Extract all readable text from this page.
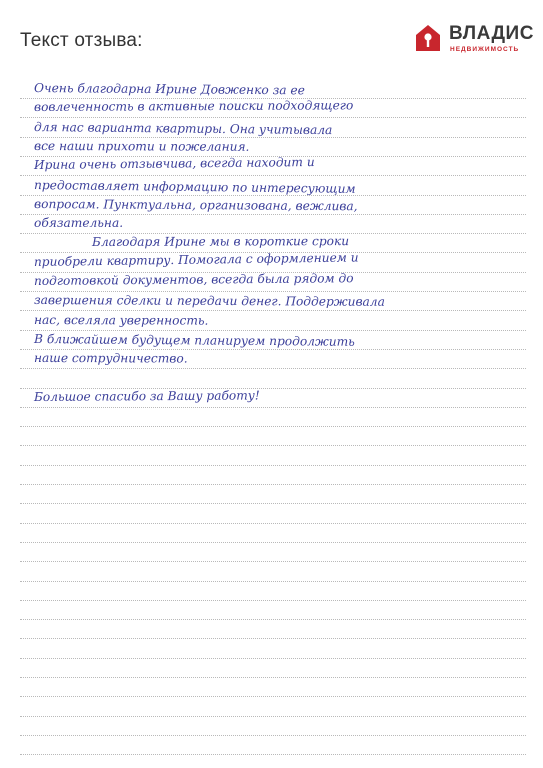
Текст отзыва:	ВЛАДИС
НЕДВИЖИМОСТЬ
Очень благодарна Ирине Довженко за ее
вовлеченность в активные поиски подходящего
для нас варианта квартиры. Она учитывала
все наши прихоти и пожелания.
Ирина очень отзывчива, всегда находит и
предоставляет информацию по интересующим
вопросам. Пунктуальна, организована, вежлива,
обязательна.
Благодаря Ирине мы в короткие сроки
приобрели квартиру. Помогала с оформлением и
подготовкой документов, всегда была рядом до
завершения сделки и передачи денег. Поддерживала
нас, вселяла уверенность.
В ближайшем будущем планируем продолжить
наше сотрудничество.
Большое спасибо за Вашу работу!
